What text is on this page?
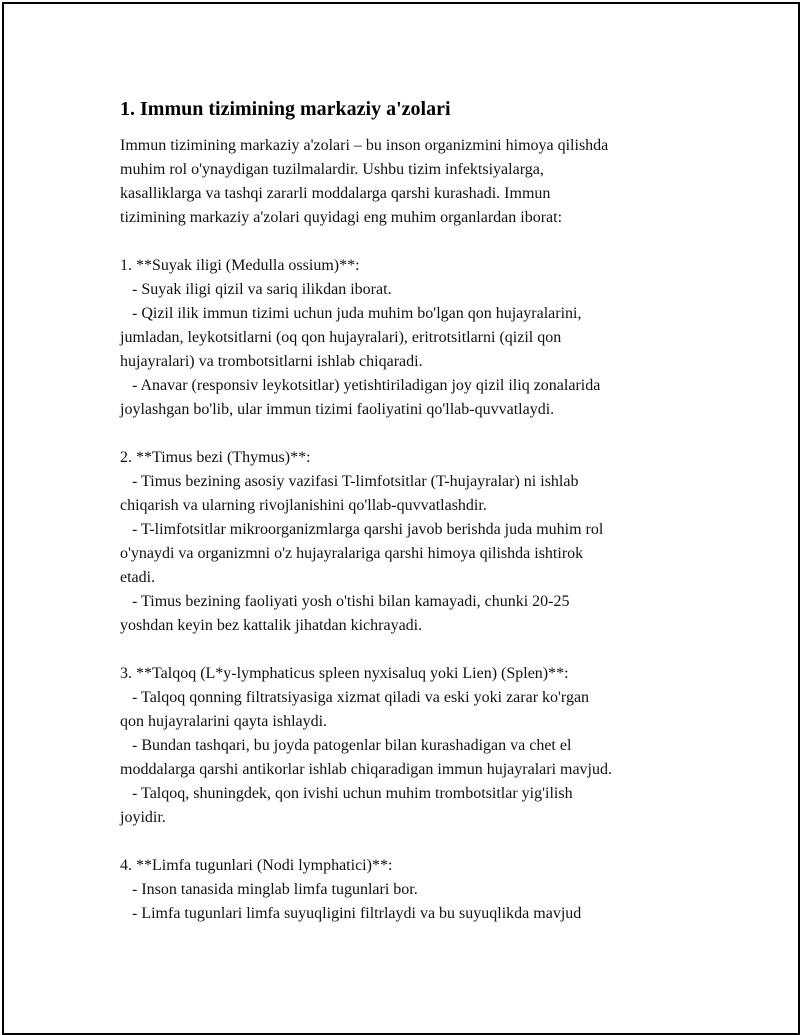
1. Immun tizimining markaziy a'zolari

Immun tizimining markaziy a'zolari – bu inson organizmini himoya qilishda
muhim rol o'ynaydigan tuzilmalardir. Ushbu tizim infektsiyalarga,
kasalliklarga va tashqi zararli moddalarga qarshi kurashadi. Immun
tizimining markaziy a'zolari quyidagi eng muhim organlardan iborat:

1. **Suyak iligi (Medulla ossium)**:
- Suyak iligi qizil va sariq ilikdan iborat.
- Qizil ilik immun tizimi uchun juda muhim bo'lgan qon hujayralarini,
jumladan, leykotsitlarni (oq qon hujayralari), eritrotsitlarni (qizil qon
hujayralari) va trombotsitlarni ishlab chiqaradi.
- Anavar (responsiv leykotsitlar) yetishtiriladigan joy qizil iliq zonalarida
joylashgan bo'lib, ular immun tizimi faoliyatini qo'llab-quvvatlaydi.

2. **Timus bezi (Thymus)**:
- Timus bezining asosiy vazifasi T-limfotsitlar (T-hujayralar) ni ishlab
chiqarish va ularning rivojlanishini qo'llab-quvvatlashdir.
- T-limfotsitlar mikroorganizmlarga qarshi javob berishda juda muhim rol
o'ynaydi va organizmni o'z hujayralariga qarshi himoya qilishda ishtirok
etadi.
- Timus bezining faoliyati yosh o'tishi bilan kamayadi, chunki 20-25
yoshdan keyin bez kattalik jihatdan kichrayadi.

3. **Talqoq (L*y-lymphaticus spleen nyxisaluq yoki Lien) (Splen)**:
- Talqoq qonning filtratsiyasiga xizmat qiladi va eski yoki zarar ko'rgan
qon hujayralarini qayta ishlaydi.
- Bundan tashqari, bu joyda patogenlar bilan kurashadigan va chet el
moddalarga qarshi antikorlar ishlab chiqaradigan immun hujayralari mavjud.
- Talqoq, shuningdek, qon ivishi uchun muhim trombotsitlar yig'ilish
joyidir.

4. **Limfa tugunlari (Nodi lymphatici)**:
- Inson tanasida minglab limfa tugunlari bor.
- Limfa tugunlari limfa suyuqligini filtrlaydi va bu suyuqlikda mavjud
